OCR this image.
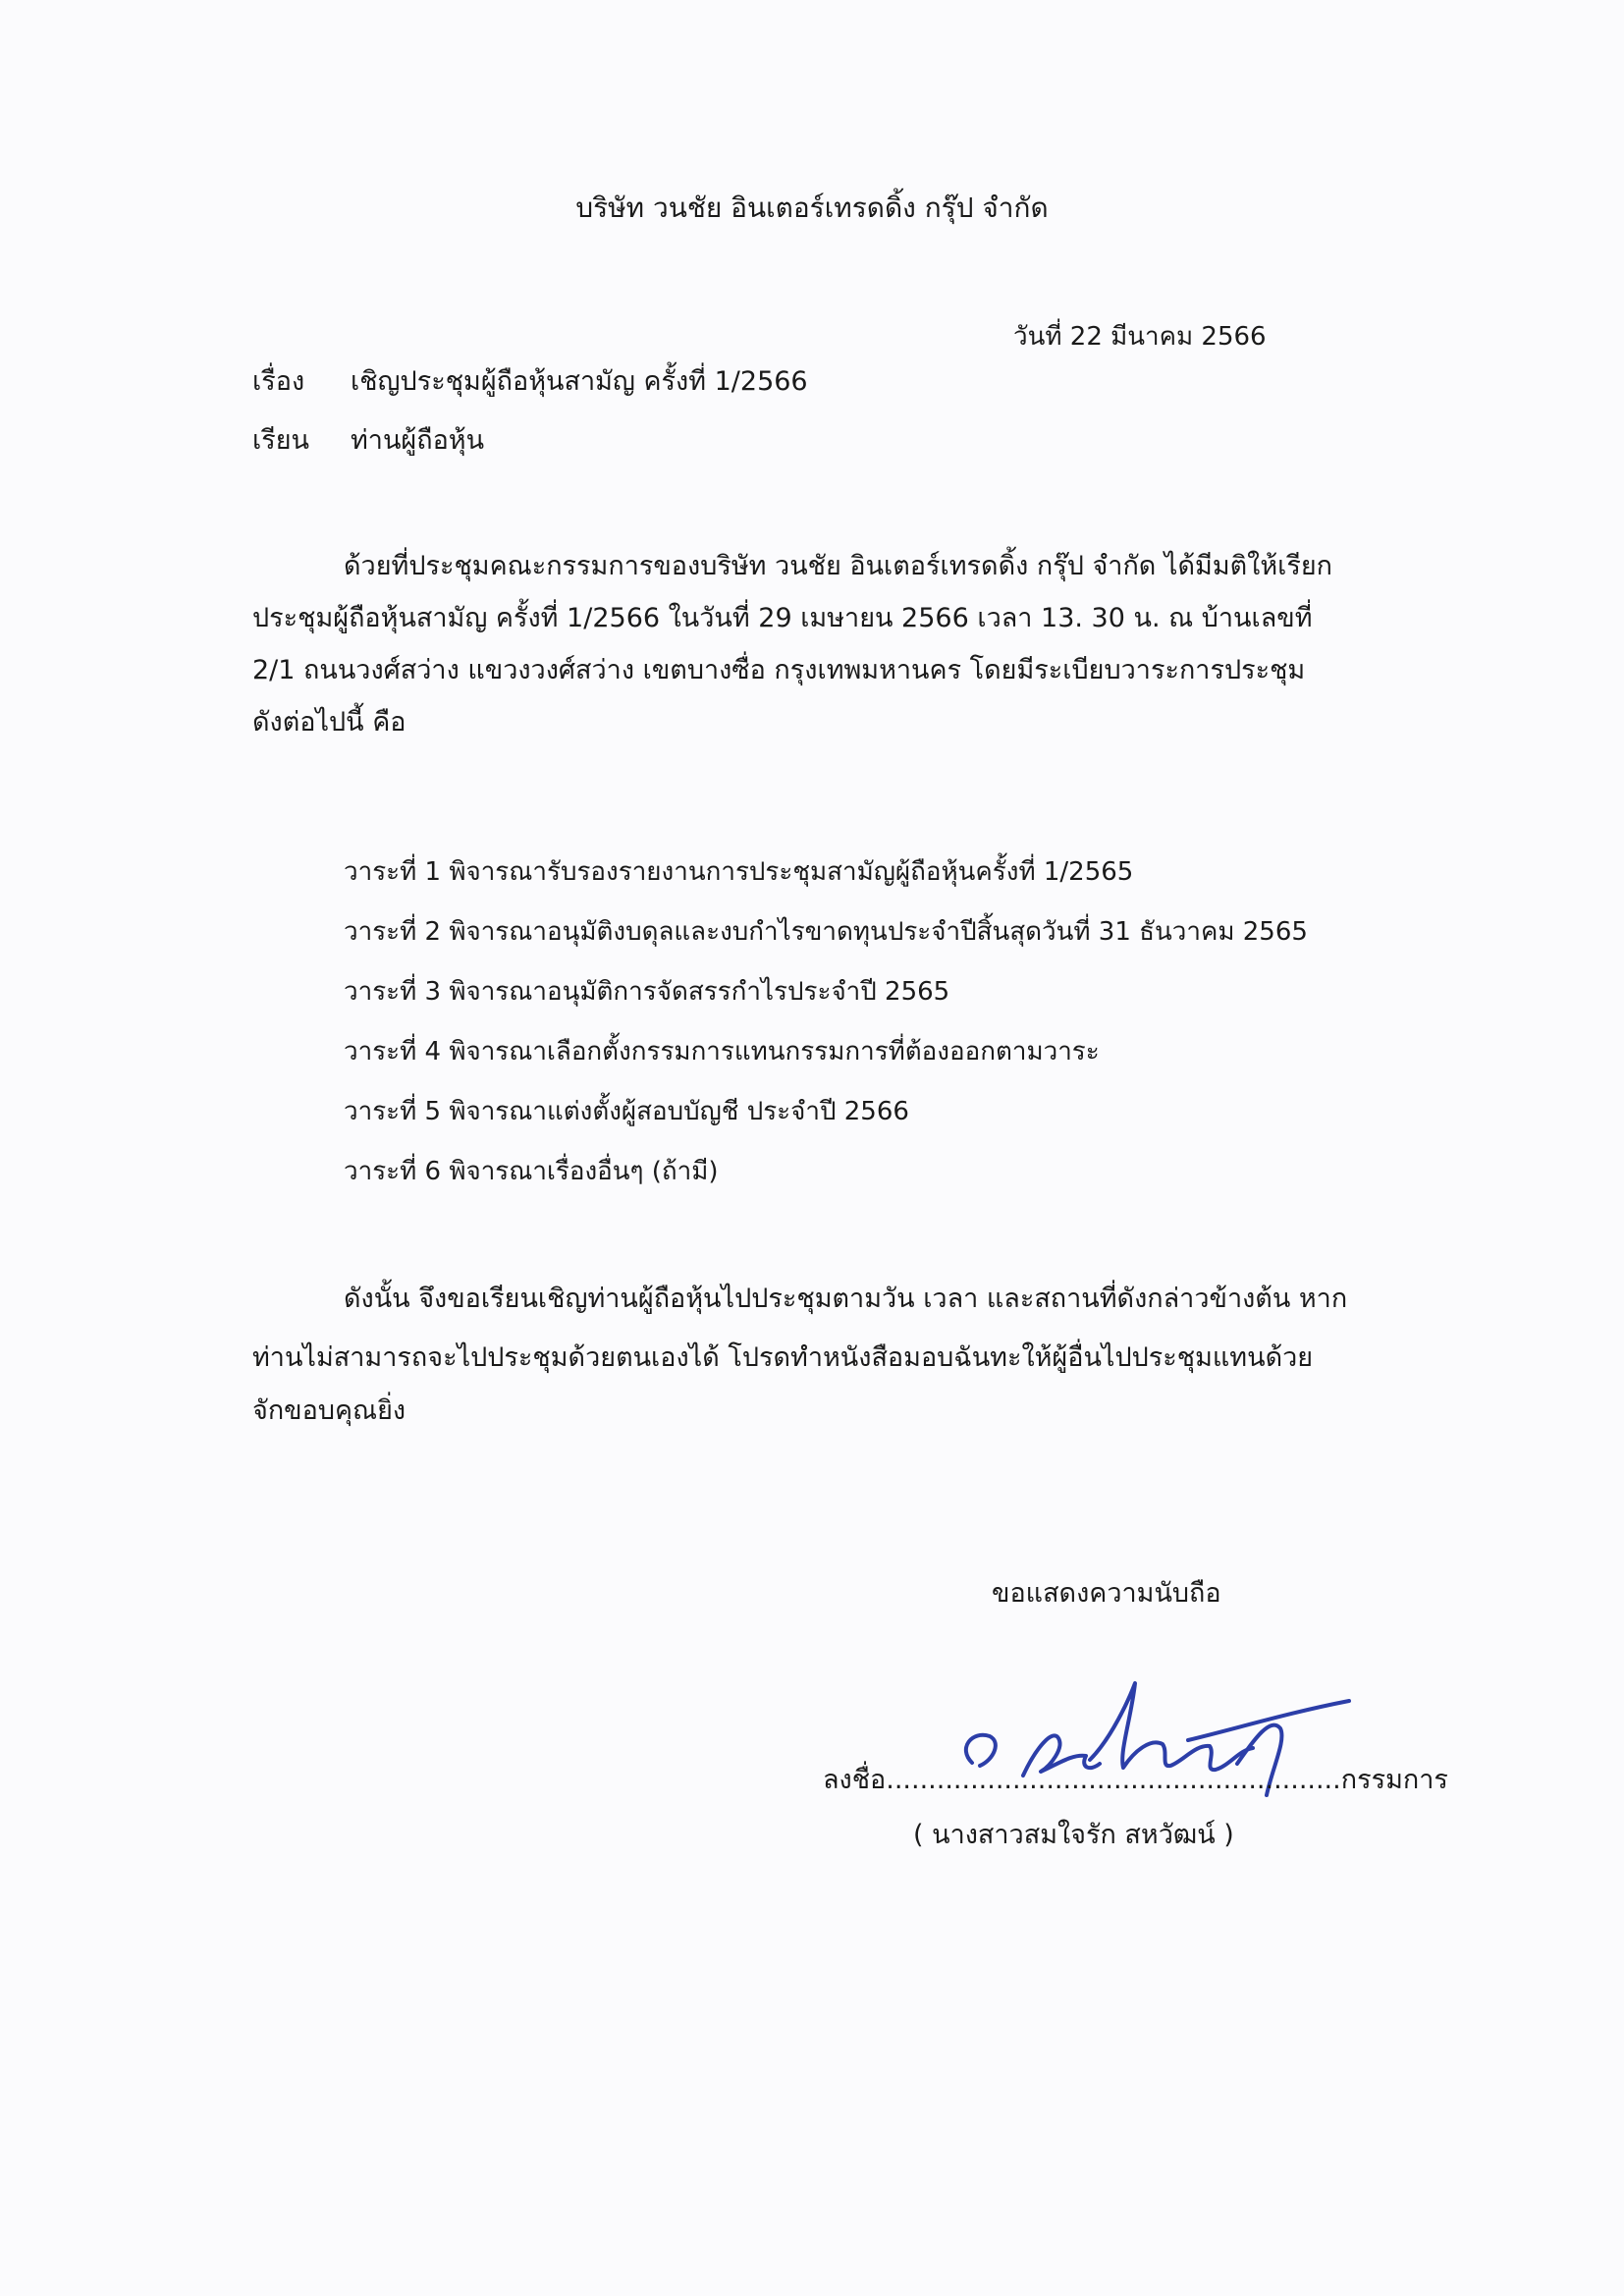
บริษัท วนชัย อินเตอร์เทรดดิ้ง กรุ๊ป จำกัด
วันที่ 22 มีนาคม 2566
เรื่อง เชิญประชุมผู้ถือหุ้นสามัญ ครั้งที่ 1/2566
เรียน ท่านผู้ถือหุ้น
ด้วยที่ประชุมคณะกรรมการของบริษัท วนชัย อินเตอร์เทรดดิ้ง กรุ๊ป จำกัด ได้มีมติให้เรียก
ประชุมผู้ถือหุ้นสามัญ ครั้งที่ 1/2566 ในวันที่ 29 เมษายน 2566 เวลา 13. 30 น. ณ บ้านเลขที่
2/1 ถนนวงศ์สว่าง แขวงวงศ์สว่าง เขตบางซื่อ กรุงเทพมหานคร โดยมีระเบียบวาระการประชุม
ดังต่อไปนี้ คือ
วาระที่ 1 พิจารณารับรองรายงานการประชุมสามัญผู้ถือหุ้นครั้งที่ 1/2565
วาระที่ 2 พิจารณาอนุมัติงบดุลและงบกำไรขาดทุนประจำปีสิ้นสุดวันที่ 31 ธันวาคม 2565
วาระที่ 3 พิจารณาอนุมัติการจัดสรรกำไรประจำปี 2565
วาระที่ 4 พิจารณาเลือกตั้งกรรมการแทนกรรมการที่ต้องออกตามวาระ
วาระที่ 5 พิจารณาแต่งตั้งผู้สอบบัญชี ประจำปี 2566
วาระที่ 6 พิจารณาเรื่องอื่นๆ (ถ้ามี)
ดังนั้น จึงขอเรียนเชิญท่านผู้ถือหุ้นไปประชุมตามวัน เวลา และสถานที่ดังกล่าวข้างต้น หาก
ท่านไม่สามารถจะไปประชุมด้วยตนเองได้ โปรดทำหนังสือมอบฉันทะให้ผู้อื่นไปประชุมแทนด้วย
จักขอบคุณยิ่ง
ขอแสดงความนับถือ
ลงชื่อ......................................................กรรมการ
( นางสาวสมใจรัก สหวัฒน์ )
